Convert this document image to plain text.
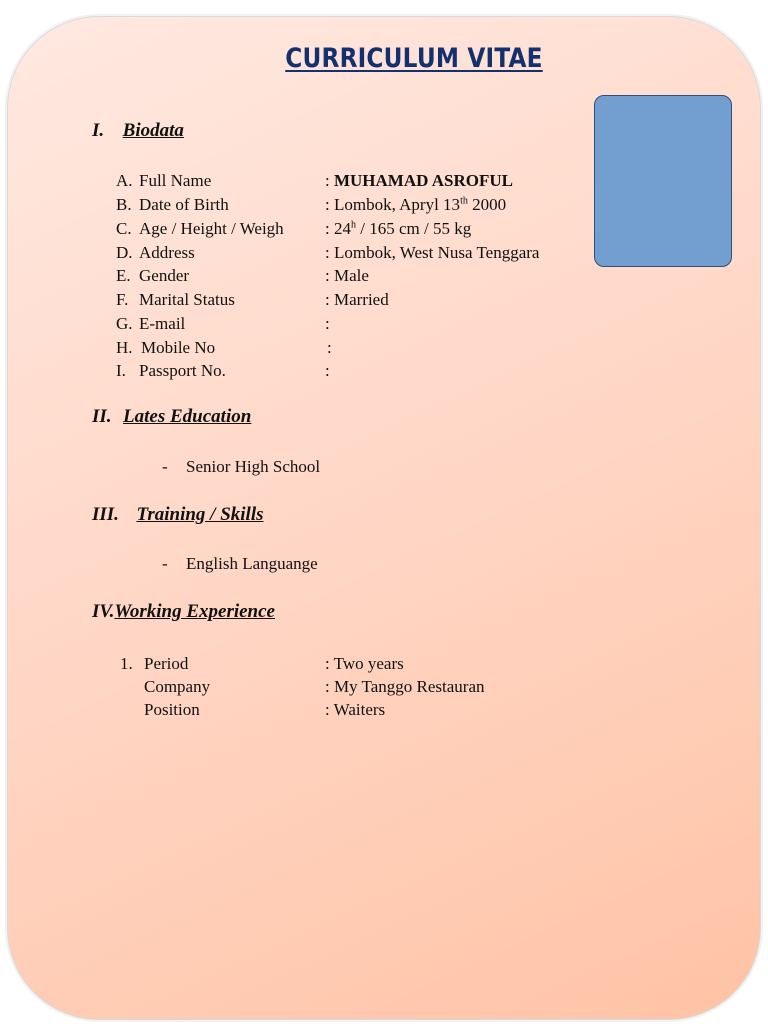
CURRICULUM VITAE
I. Biodata
A. Full Name	: MUHAMAD ASROFUL
B. Date of Birth	: Lombok, Apryl 13th 2000
C. Age / Height / Weigh : 24$^h$ / 165 cm / 55 kg
D. Address	: Lombok, West Nusa Tenggara
E. Gender	: Male
F. Marital Status	: Married
G. E-mail	:
H. Mobile No	:
I. Passport No.	:
II. Lates Education
- Senior High School
III. Training / Skills
- English Languange
IV.Working Experience
1. Period	: Two years
Company	: My Tanggo Restauran
Position	: Waiters
